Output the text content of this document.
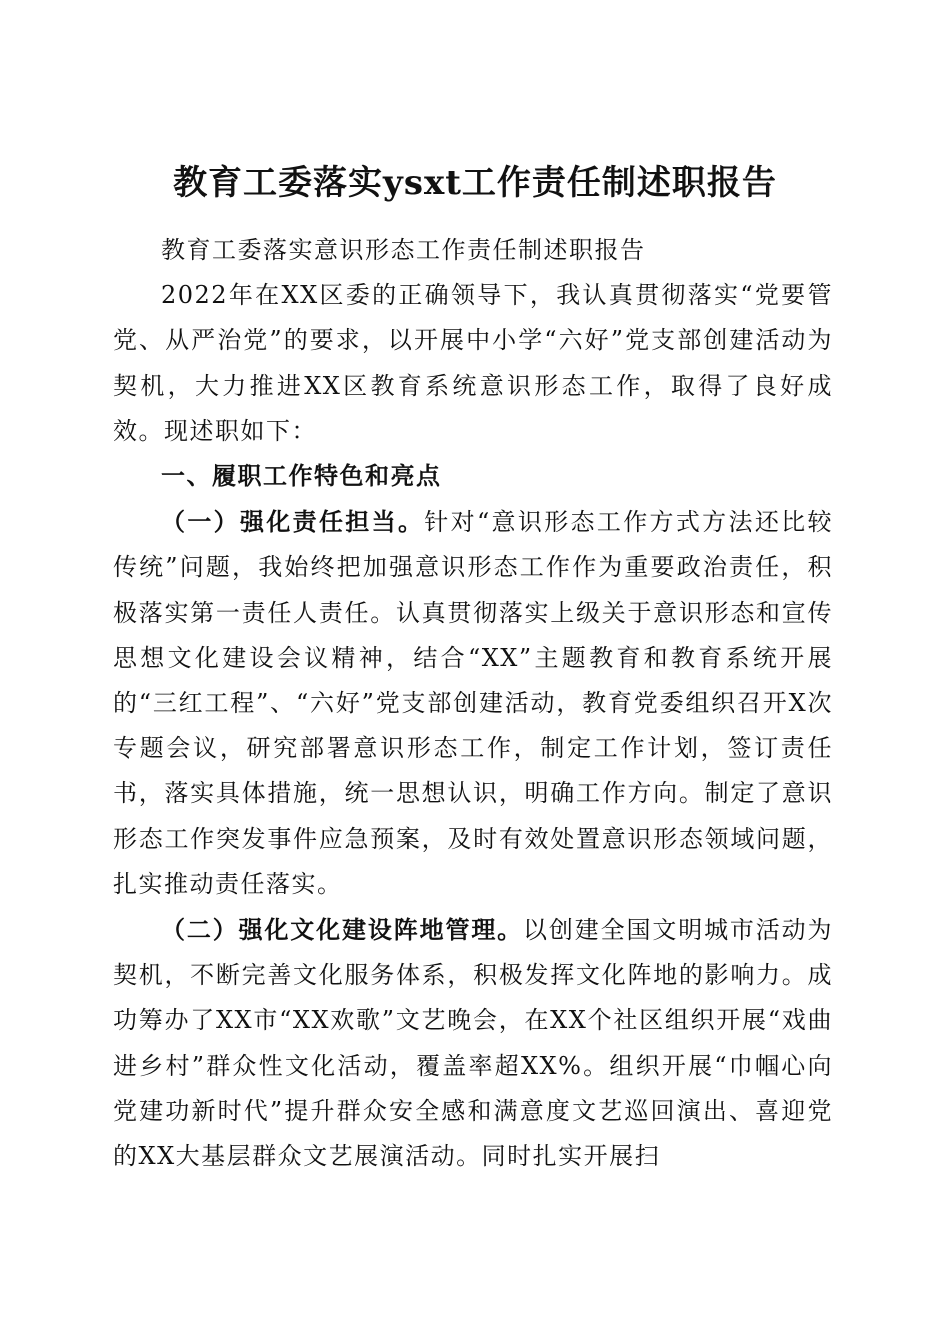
教育工委落实ysxt工作责任制述职报告

教育工委落实意识形态工作责任制述职报告

2022年在XX区委的正确领导下，我认真贯彻落实“党要管党、从严治党”的要求，以开展中小学“六好”党支部创建活动为契机，大力推进XX区教育系统意识形态工作，取得了良好成效。现述职如下：

一、履职工作特色和亮点

（一）强化责任担当。针对“意识形态工作方式方法还比较传统”问题，我始终把加强意识形态工作作为重要政治责任，积极落实第一责任人责任。认真贯彻落实上级关于意识形态和宣传思想文化建设会议精神，结合“XX”主题教育和教育系统开展的“三红工程”、“六好”党支部创建活动，教育党委组织召开X次专题会议，研究部署意识形态工作，制定工作计划，签订责任书，落实具体措施，统一思想认识，明确工作方向。制定了意识形态工作突发事件应急预案，及时有效处置意识形态领域问题，扎实推动责任落实。

（二）强化文化建设阵地管理。以创建全国文明城市活动为契机，不断完善文化服务体系，积极发挥文化阵地的影响力。成功筹办了XX市“XX欢歌”文艺晚会，在XX个社区组织开展“戏曲进乡村”群众性文化活动，覆盖率超XX%。组织开展“巾帼心向党建功新时代”提升群众安全感和满意度文艺巡回演出、喜迎党的XX大基层群众文艺展演活动。同时扎实开展扫
